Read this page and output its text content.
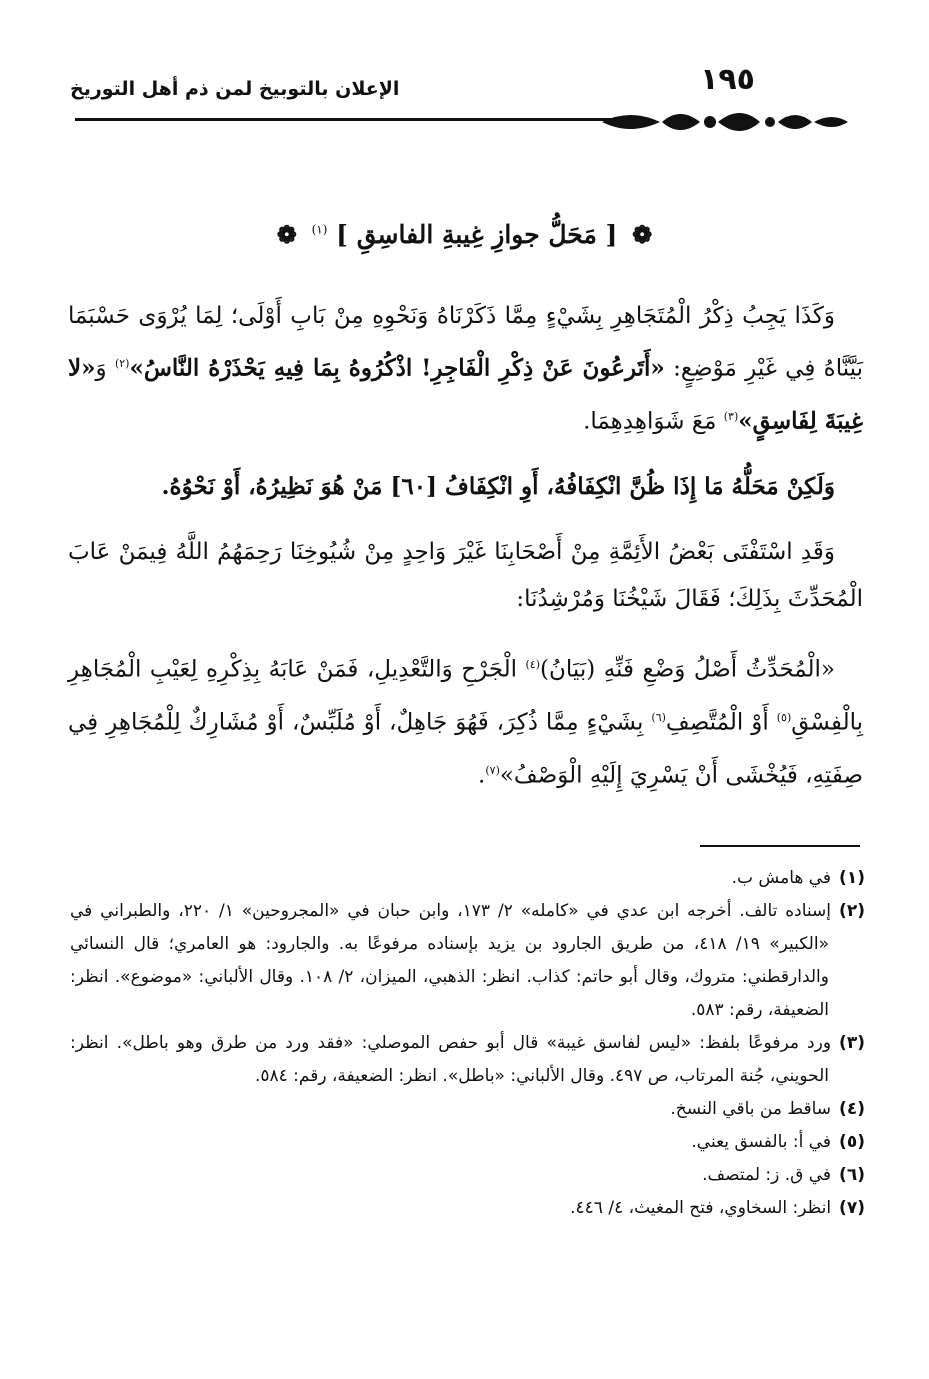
الإعلان بالتوبيخ لمن ذم أهل التوريخ	١٩٥
❁ [ مَحَلُّ جوازِ غِيبةِ الفاسِقِ ] $^{(١)}$ ❁

وَكَذَا يَجِبُ ذِكْرُ الْمُتَجَاهِرِ بِشَيْءٍ مِمَّا ذَكَرْنَاهُ وَنَحْوِهِ مِنْ بَابِ أَوْلَى؛ لِمَا يُرْوَى حَسْبَمَا بَيَّنَّاهُ فِي غَيْرِ مَوْضِعٍ: «أَتَرعُونَ عَنْ ذِكْرِ الْفَاجِرِ! اذْكُرُوهُ بِمَا فِيهِ يَحْذَرْهُ النَّاسُ»$^{(٢)}$ وَ«لا غِيبَةَ لِفَاسِقٍ»$^{(٣)}$ مَعَ شَوَاهِدِهِمَا.

وَلَكِنْ مَحَلُّهُ مَا إِذَا ظُنَّ انْكِفَافُهُ، أَوِ انْكِفَافُ [٦٠] مَنْ هُوَ نَظِيرُهُ، أَوْ نَحْوُهُ.

وَقَدِ اسْتَفْتَى بَعْضُ الأَئِمَّةِ مِنْ أَصْحَابِنَا غَيْرَ وَاحِدٍ مِنْ شُيُوخِنَا رَحِمَهُمُ اللَّهُ فِيمَنْ عَابَ الْمُحَدِّثَ بِذَلِكَ؛ فَقَالَ شَيْخُنَا وَمُرْشِدُنَا:

«الْمُحَدِّثُ أَصْلُ وَضْعِ فَنِّهِ (بَيَانُ)$^{(٤)}$ الْجَرْحِ وَالتَّعْدِيلِ، فَمَنْ عَابَهُ بِذِكْرِهِ لِعَيْبِ الْمُجَاهِرِ بِالْفِسْقِ$^{(٥)}$ أَوْ الْمُتَّصِفِ$^{(٦)}$ بِشَيْءٍ مِمَّا ذُكِرَ، فَهُوَ جَاهِلٌ، أَوْ مُلَبِّسٌ، أَوْ مُشَارِكٌ لِلْمُجَاهِرِ فِي صِفَتِهِ، فَيُخْشَى أَنْ يَسْرِيَ إِلَيْهِ الْوَصْفُ»$^{(٧)}$.

(١)في هامش ب.
(٢)إسناده تالف. أخرجه ابن عدي في «كامله» ٢/ ١٧٣، وابن حبان في «المجروحين» ١/ ٢٢٠، والطبراني في «الكبير» ١٩/ ٤١٨، من طريق الجارود بن يزيد بإسناده مرفوعًا به. والجارود: هو العامري؛ قال النسائي والدارقطني: متروك، وقال أبو حاتم: كذاب. انظر: الذهبي، الميزان، ٢/ ١٠٨. وقال الألباني: «موضوع». انظر: الضعيفة، رقم: ٥٨٣.
(٣)ورد مرفوعًا بلفظ: «ليس لفاسق غيبة» قال أبو حفص الموصلي: «فقد ورد من طرق وهو باطل». انظر: الحويني، جُنة المرتاب، ص ٤٩٧. وقال الألباني: «باطل». انظر: الضعيفة، رقم: ٥٨٤.
(٤)ساقط من باقي النسخ.
(٥)في أ: بالفسق يعني.
(٦)في ق. ز: لمتصف.
(٧)انظر: السخاوي، فتح المغيث، ٤/ ٤٤٦.
